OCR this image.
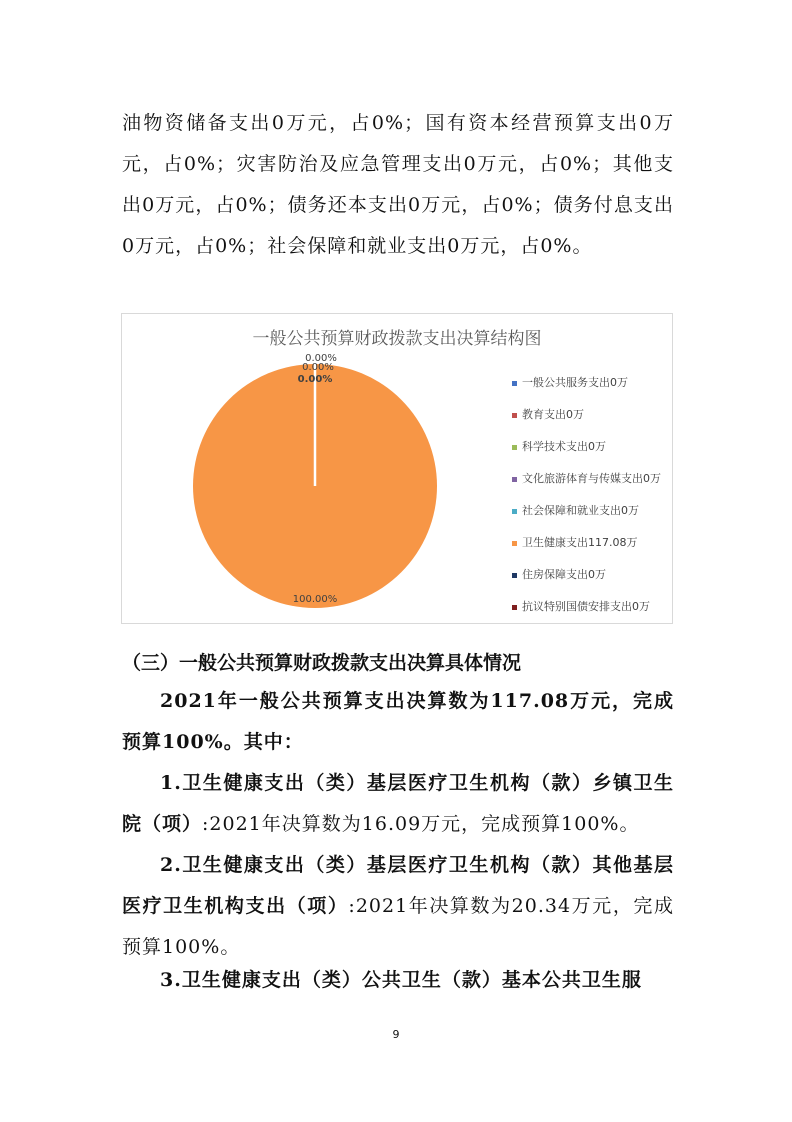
油物资储备支出0万元，占0%；国有资本经营预算支出0万元，占0%；灾害防治及应急管理支出0万元，占0%；其他支出0万元，占0%；债务还本支出0万元，占0%；债务付息支出0万元，占0%；社会保障和就业支出0万元，占0%。

一般公共预算财政拨款支出决算结构图
0.00%
0.00%
0.00%
100.00%
一般公共服务支出0万
教育支出0万
科学技术支出0万
文化旅游体育与传媒支出0万
社会保障和就业支出0万
卫生健康支出117.08万
住房保障支出0万
抗议特别国债安排支出0万
（三）一般公共预算财政拨款支出决算具体情况

2021年一般公共预算支出决算数为117.08万元，完成预算100%。其中：

1.卫生健康支出（类）基层医疗卫生机构（款）乡镇卫生院（项）:2021年决算数为16.09万元，完成预算100%。

2.卫生健康支出（类）基层医疗卫生机构（款）其他基层医疗卫生机构支出（项）:2021年决算数为20.34万元，完成预算100%。

3.卫生健康支出（类）公共卫生（款）基本公共卫生服

9
